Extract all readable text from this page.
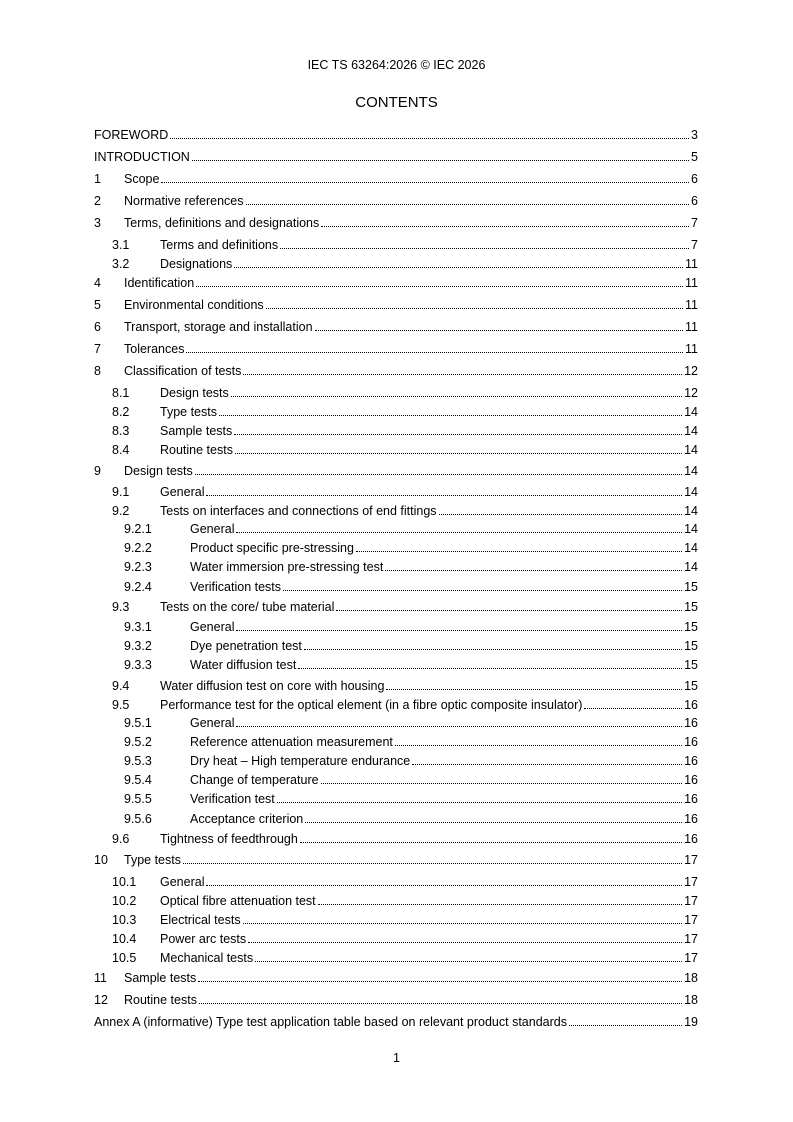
IEC TS 63264:2026 © IEC 2026
CONTENTS
FOREWORD	3
INTRODUCTION	5
1	Scope	6
2	Normative references	6
3	Terms, definitions and designations	7
3.1	Terms and definitions	7
3.2	Designations	11
4	Identification	11
5	Environmental conditions	11
6	Transport, storage and installation	11
7	Tolerances	11
8	Classification of tests	12
8.1	Design tests	12
8.2	Type tests	14
8.3	Sample tests	14
8.4	Routine tests	14
9	Design tests	14
9.1	General	14
9.2	Tests on interfaces and connections of end fittings	14
9.2.1	General	14
9.2.2	Product specific pre-stressing	14
9.2.3	Water immersion pre-stressing test	14
9.2.4	Verification tests	15
9.3	Tests on the core/ tube material	15
9.3.1	General	15
9.3.2	Dye penetration test	15
9.3.3	Water diffusion test	15
9.4	Water diffusion test on core with housing	15
9.5	Performance test for the optical element (in a fibre optic composite insulator)	16
9.5.1	General	16
9.5.2	Reference attenuation measurement	16
9.5.3	Dry heat – High temperature endurance	16
9.5.4	Change of temperature	16
9.5.5	Verification test	16
9.5.6	Acceptance criterion	16
9.6	Tightness of feedthrough	16
10	Type tests	17
10.1	General	17
10.2	Optical fibre attenuation test	17
10.3	Electrical tests	17
10.4	Power arc tests	17
10.5	Mechanical tests	17
11	Sample tests	18
12	Routine tests	18
Annex A (informative) Type test application table based on relevant product standards	19
1
